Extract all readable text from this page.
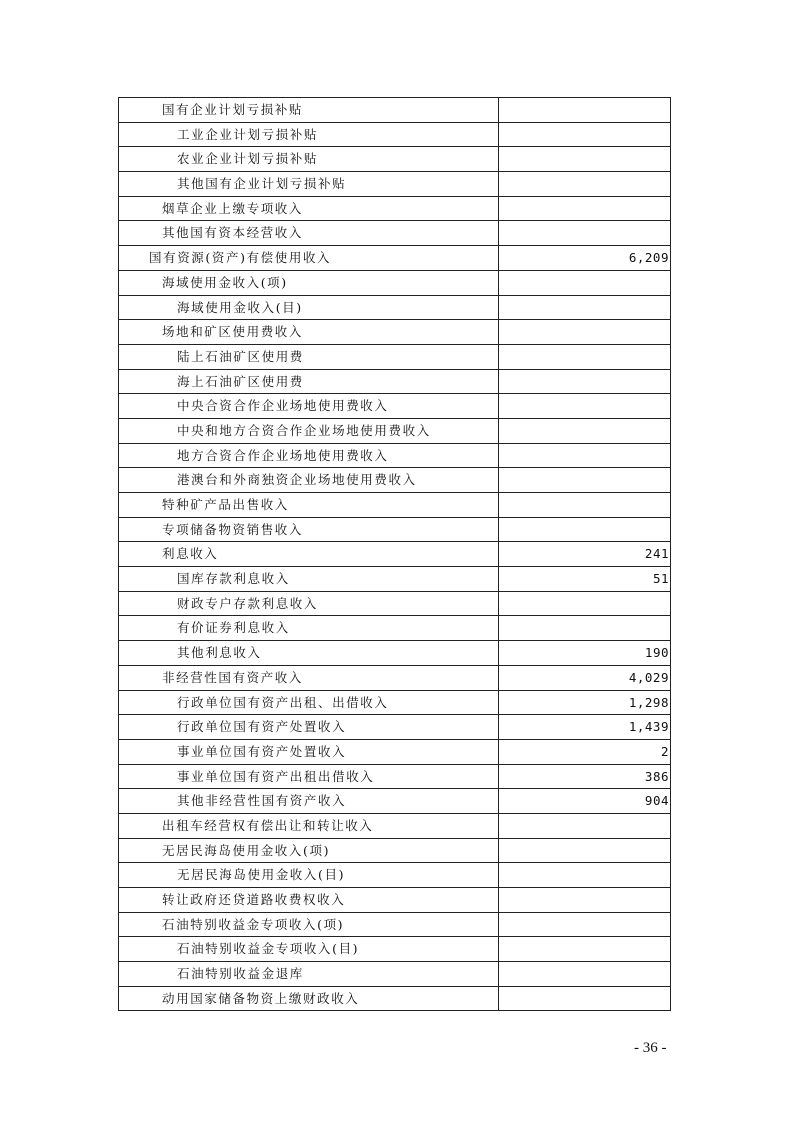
国有企业计划亏损补贴
工业企业计划亏损补贴
农业企业计划亏损补贴
其他国有企业计划亏损补贴
烟草企业上缴专项收入
其他国有资本经营收入
国有资源(资产)有偿使用收入	6,209
海域使用金收入(项)
海域使用金收入(目)
场地和矿区使用费收入
陆上石油矿区使用费
海上石油矿区使用费
中央合资合作企业场地使用费收入
中央和地方合资合作企业场地使用费收入
地方合资合作企业场地使用费收入
港澳台和外商独资企业场地使用费收入
特种矿产品出售收入
专项储备物资销售收入
利息收入	241
国库存款利息收入	51
财政专户存款利息收入
有价证券利息收入
其他利息收入	190
非经营性国有资产收入	4,029
行政单位国有资产出租、出借收入	1,298
行政单位国有资产处置收入	1,439
事业单位国有资产处置收入	2
事业单位国有资产出租出借收入	386
其他非经营性国有资产收入	904
出租车经营权有偿出让和转让收入
无居民海岛使用金收入(项)
无居民海岛使用金收入(目)
转让政府还贷道路收费权收入
石油特别收益金专项收入(项)
石油特别收益金专项收入(目)
石油特别收益金退库
动用国家储备物资上缴财政收入
- 36 -
